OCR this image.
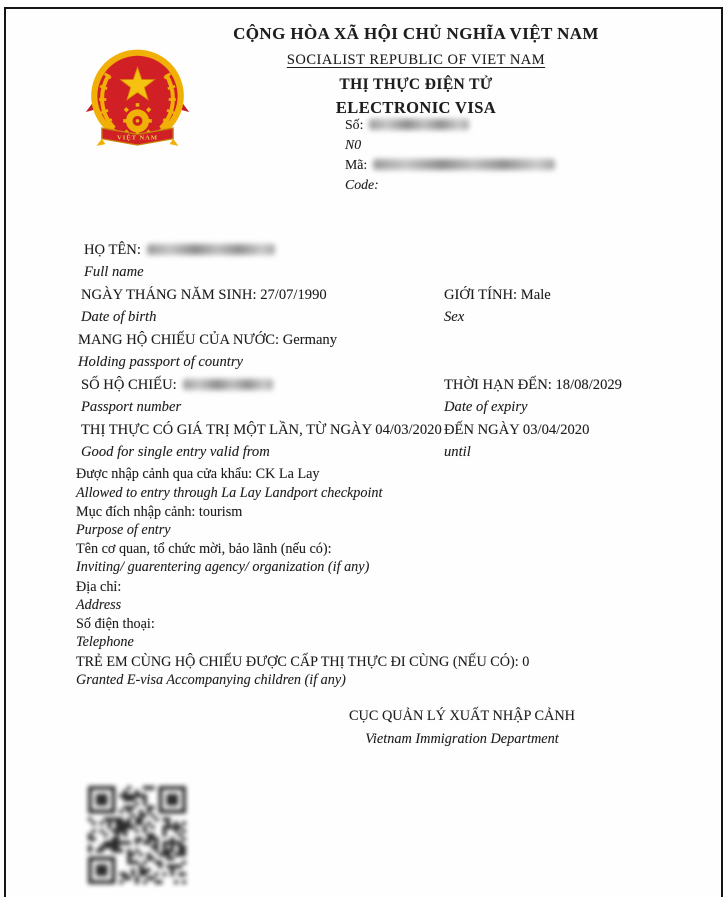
VIỆT NAM
CỘNG HÒA XÃ HỘI CHỦ NGHĨA VIỆT NAM
SOCIALIST REPUBLIC OF VIET NAM
THỊ THỰC ĐIỆN TỬ
ELECTRONIC VISA
Số:
N0
Mã:
Code:
HỌ TÊN:
Full name
NGÀY THÁNG NĂM SINH: 27/07/1990
Date of birth
GIỚI TÍNH: Male
Sex
MANG HỘ CHIẾU CỦA NƯỚC: Germany
Holding passport of country
SỐ HỘ CHIẾU:
Passport number
THỜI HẠN ĐẾN: 18/08/2029
Date of expiry
THỊ THỰC CÓ GIÁ TRỊ MỘT LẦN, TỪ NGÀY 04/03/2020
Good for single entry valid from
ĐẾN NGÀY 03/04/2020
until
Được nhập cảnh qua cửa khẩu: CK La Lay
Allowed to entry through La Lay Landport checkpoint
Mục đích nhập cảnh: tourism
Purpose of entry
Tên cơ quan, tổ chức mời, bảo lãnh (nếu có):
Inviting/ guarentering agency/ organization (if any)
Địa chỉ:
Address
Số điện thoại:
Telephone
TRẺ EM CÙNG HỘ CHIẾU ĐƯỢC CẤP THỊ THỰC ĐI CÙNG (NẾU CÓ): 0
Granted E-visa Accompanying children (if any)
CỤC QUẢN LÝ XUẤT NHẬP CẢNH
Vietnam Immigration Department
